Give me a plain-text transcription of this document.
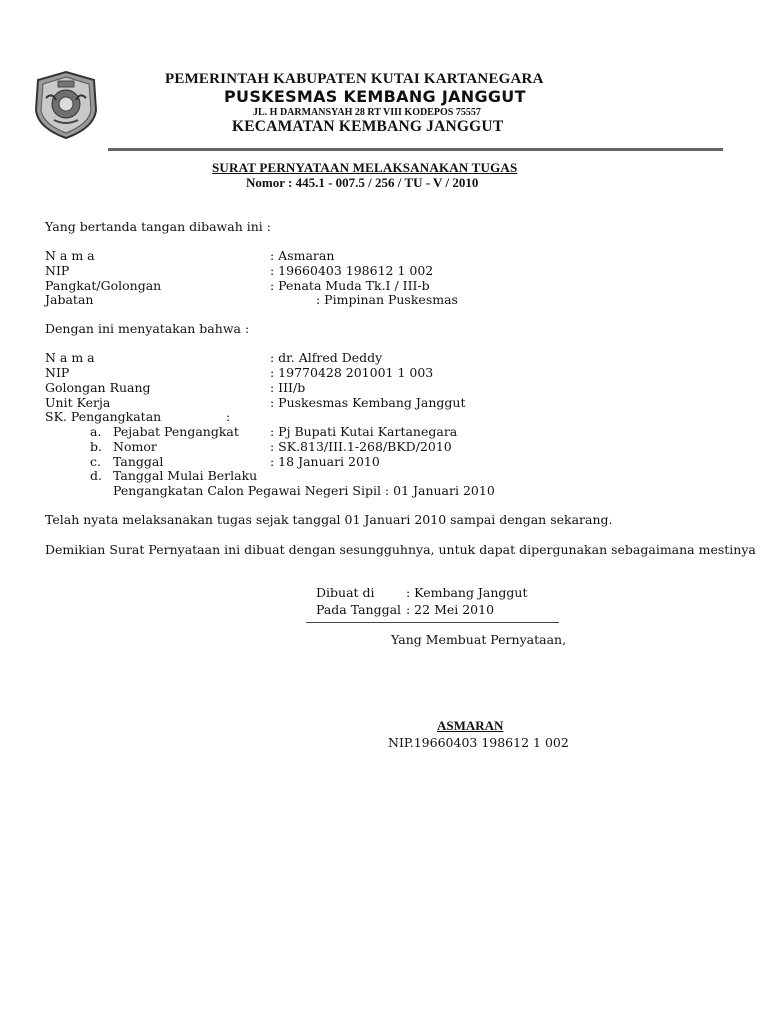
PEMERINTAH KABUPATEN KUTAI KARTANEGARA
PUSKESMAS KEMBANG JANGGUT
JL. H DARMANSYAH 28 RT VIII KODEPOS 75557
KECAMATAN KEMBANG JANGGUT
SURAT PERNYATAAN MELAKSANAKAN TUGAS
Nomor : 445.1 - 007.5 / 256 / TU - V / 2010
Yang bertanda tangan dibawah ini :
N a m a	: Asmaran
NIP	: 19660403 198612 1 002
Pangkat/Golongan	: Penata Muda Tk.I / III-b
Jabatan	: Pimpinan Puskesmas
Dengan ini menyatakan bahwa :
N a m a	: dr. Alfred Deddy
NIP	: 19770428 201001 1 003
Golongan Ruang	: III/b
Unit Kerja	: Puskesmas Kembang Janggut
SK. Pengangkatan	:
a. Pejabat Pengangkat : Pj Bupati Kutai Kartanegara
b. Nomor	: SK.813/III.1-268/BKD/2010
c. Tanggal	: 18 Januari 2010
d. Tanggal Mulai Berlaku
Pengangkatan Calon Pegawai Negeri Sipil : 01 Januari 2010
Telah nyata melaksanakan tugas sejak tanggal 01 Januari 2010 sampai dengan sekarang.
Demikian Surat Pernyataan ini dibuat dengan sesungguhnya, untuk dapat dipergunakan sebagaimana mestinya
Dibuat di	: Kembang Janggut
Pada Tanggal : 22 Mei 2010
Yang Membuat Pernyataan,
ASMARAN
NIP.19660403 198612 1 002
